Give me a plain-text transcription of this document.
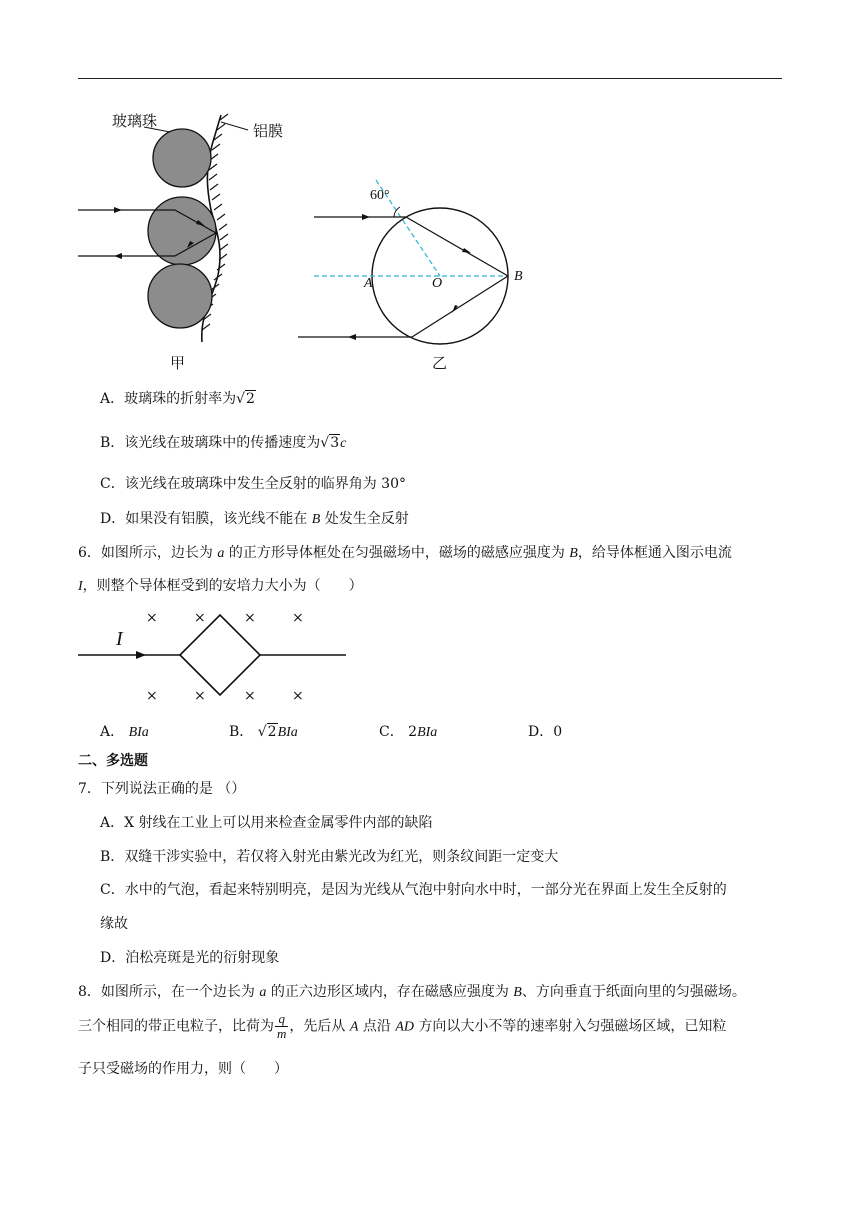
玻璃珠
铝膜
甲
60°
A	O	B
乙
A．玻璃珠的折射率为√2
B．该光线在玻璃珠中的传播速度为√3c
C．该光线在玻璃珠中发生全反射的临界角为 30°
D．如果没有铝膜，该光线不能在 B 处发生全反射
6．如图所示，边长为 a 的正方形导体框处在匀强磁场中，磁场的磁感应强度为 B，给导体框通入图示电流
I，则整个导体框受到的安培力大小为（　　）
I
×	×	×	×
×	×	×	×
A． BIa	B． √2BIa	C． 2BIa	D．0
二、多选题
7．下列说法正确的是 （）
A．X 射线在工业上可以用来检查金属零件内部的缺陷
B．双缝干涉实验中，若仅将入射光由紫光改为红光，则条纹间距一定变大
C．水中的气泡，看起来特别明亮，是因为光线从气泡中射向水中时，一部分光在界面上发生全反射的
缘故
D．泊松亮斑是光的衍射现象
8．如图所示，在一个边长为 a 的正六边形区域内，存在磁感应强度为 B、方向垂直于纸面向里的匀强磁场。
三个相同的带正电粒子，比荷为 $\frac{q}{m}$ ，先后从 A 点沿 AD 方向以大小不等的速率射入匀强磁场区域，已知粒
子只受磁场的作用力，则（　　）
